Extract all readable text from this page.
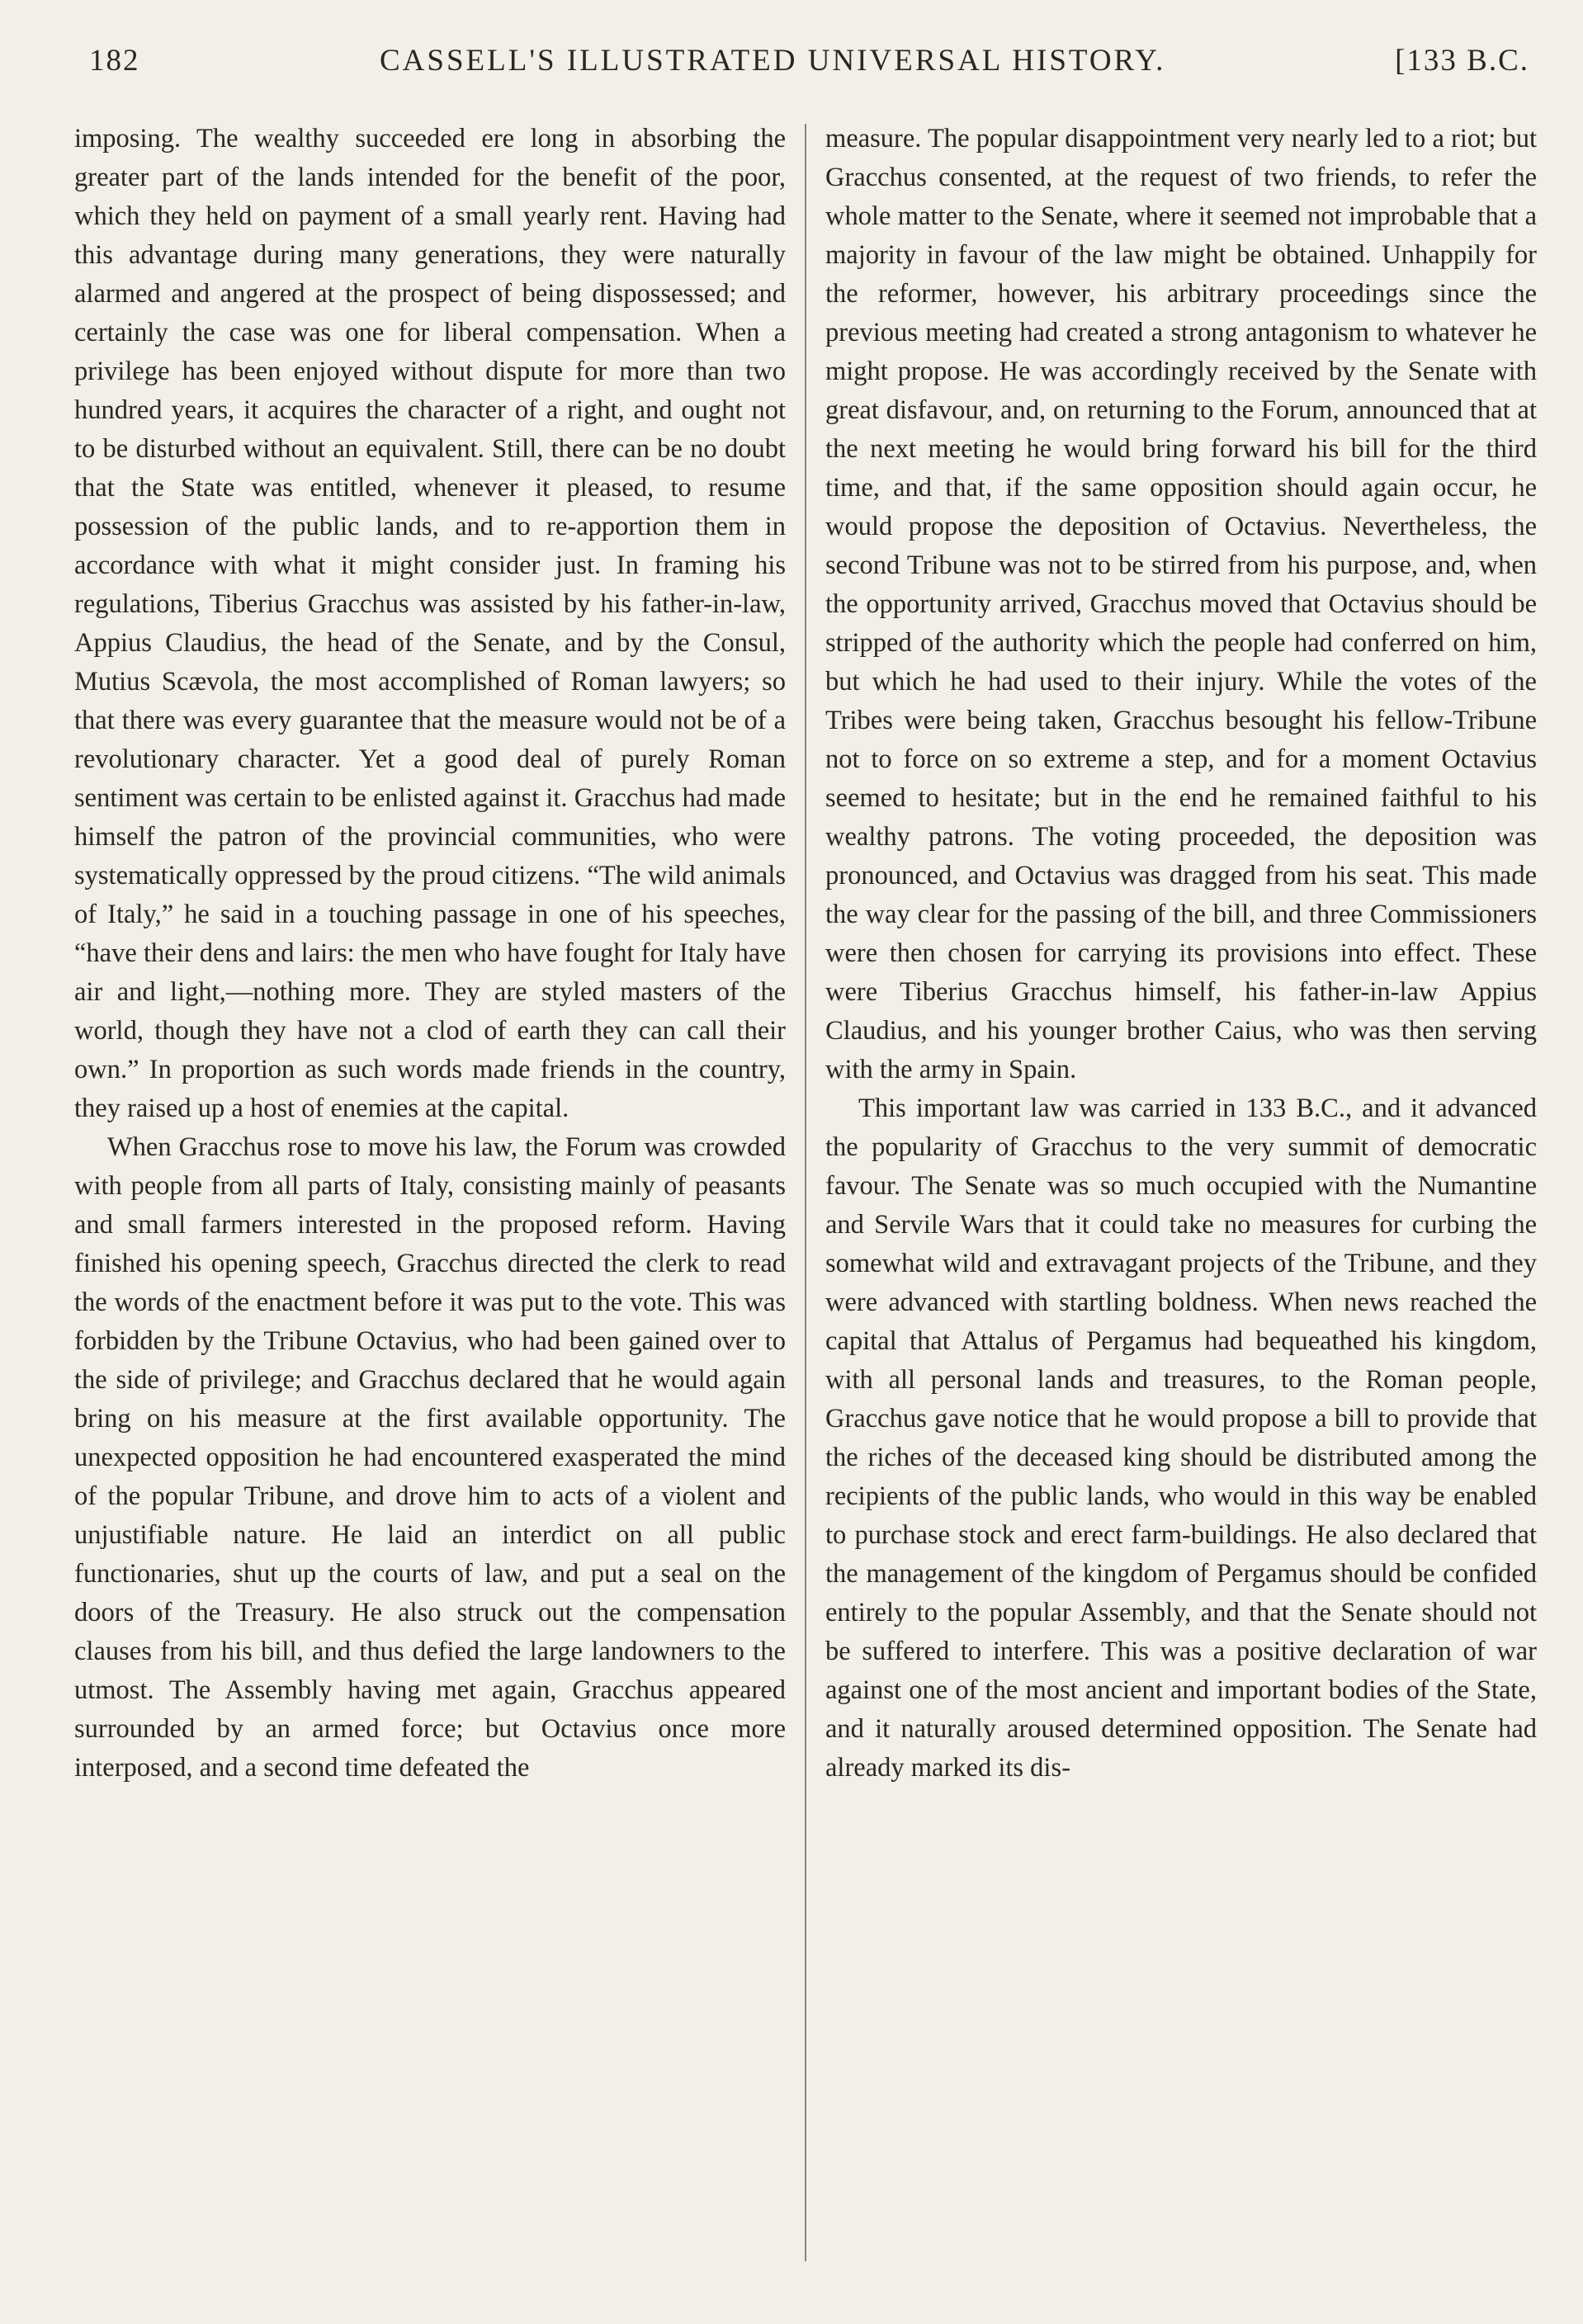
182	CASSELL'S ILLUSTRATED UNIVERSAL HISTORY.	[133 B.C.

imposing. The wealthy succeeded ere long in absorbing the greater part of the lands intended for the benefit of the poor, which they held on payment of a small yearly rent. Having had this advantage during many generations, they were naturally alarmed and angered at the prospect of being dispossessed; and certainly the case was one for liberal compensation. When a privilege has been enjoyed without dispute for more than two hundred years, it acquires the character of a right, and ought not to be disturbed without an equivalent. Still, there can be no doubt that the State was entitled, whenever it pleased, to resume possession of the public lands, and to re-apportion them in accordance with what it might consider just. In framing his regulations, Tiberius Gracchus was assisted by his father-in-law, Appius Claudius, the head of the Senate, and by the Consul, Mutius Scævola, the most accomplished of Roman lawyers; so that there was every guarantee that the measure would not be of a revolutionary character. Yet a good deal of purely Roman sentiment was certain to be enlisted against it. Gracchus had made himself the patron of the provincial communities, who were systematically oppressed by the proud citizens. “The wild animals of Italy,” he said in a touching passage in one of his speeches, “have their dens and lairs: the men who have fought for Italy have air and light,—nothing more. They are styled masters of the world, though they have not a clod of earth they can call their own.” In proportion as such words made friends in the country, they raised up a host of enemies at the capital.

When Gracchus rose to move his law, the Forum was crowded with people from all parts of Italy, consisting mainly of peasants and small farmers interested in the proposed reform. Having finished his opening speech, Gracchus directed the clerk to read the words of the enactment before it was put to the vote. This was forbidden by the Tribune Octavius, who had been gained over to the side of privilege; and Gracchus declared that he would again bring on his measure at the first available opportunity. The unexpected opposition he had encountered exasperated the mind of the popular Tribune, and drove him to acts of a violent and unjustifiable nature. He laid an interdict on all public functionaries, shut up the courts of law, and put a seal on the doors of the Treasury. He also struck out the compensation clauses from his bill, and thus defied the large landowners to the utmost. The Assembly having met again, Gracchus appeared surrounded by an armed force; but Octavius once more interposed, and a second time defeated the

measure. The popular disappointment very nearly led to a riot; but Gracchus consented, at the request of two friends, to refer the whole matter to the Senate, where it seemed not improbable that a majority in favour of the law might be obtained. Unhappily for the reformer, however, his arbitrary proceedings since the previous meeting had created a strong antagonism to whatever he might propose. He was accordingly received by the Senate with great disfavour, and, on returning to the Forum, announced that at the next meeting he would bring forward his bill for the third time, and that, if the same opposition should again occur, he would propose the deposition of Octavius. Nevertheless, the second Tribune was not to be stirred from his purpose, and, when the opportunity arrived, Gracchus moved that Octavius should be stripped of the authority which the people had conferred on him, but which he had used to their injury. While the votes of the Tribes were being taken, Gracchus besought his fellow-Tribune not to force on so extreme a step, and for a moment Octavius seemed to hesitate; but in the end he remained faithful to his wealthy patrons. The voting proceeded, the deposition was pronounced, and Octavius was dragged from his seat. This made the way clear for the passing of the bill, and three Commissioners were then chosen for carrying its provisions into effect. These were Tiberius Gracchus himself, his father-in-law Appius Claudius, and his younger brother Caius, who was then serving with the army in Spain.

This important law was carried in 133 B.C., and it advanced the popularity of Gracchus to the very summit of democratic favour. The Senate was so much occupied with the Numantine and Servile Wars that it could take no measures for curbing the somewhat wild and extravagant projects of the Tribune, and they were advanced with startling boldness. When news reached the capital that Attalus of Pergamus had bequeathed his kingdom, with all personal lands and treasures, to the Roman people, Gracchus gave notice that he would propose a bill to provide that the riches of the deceased king should be distributed among the recipients of the public lands, who would in this way be enabled to purchase stock and erect farm-buildings. He also declared that the management of the kingdom of Pergamus should be confided entirely to the popular Assembly, and that the Senate should not be suffered to interfere. This was a positive declaration of war against one of the most ancient and important bodies of the State, and it naturally aroused determined opposition. The Senate had already marked its dis-
